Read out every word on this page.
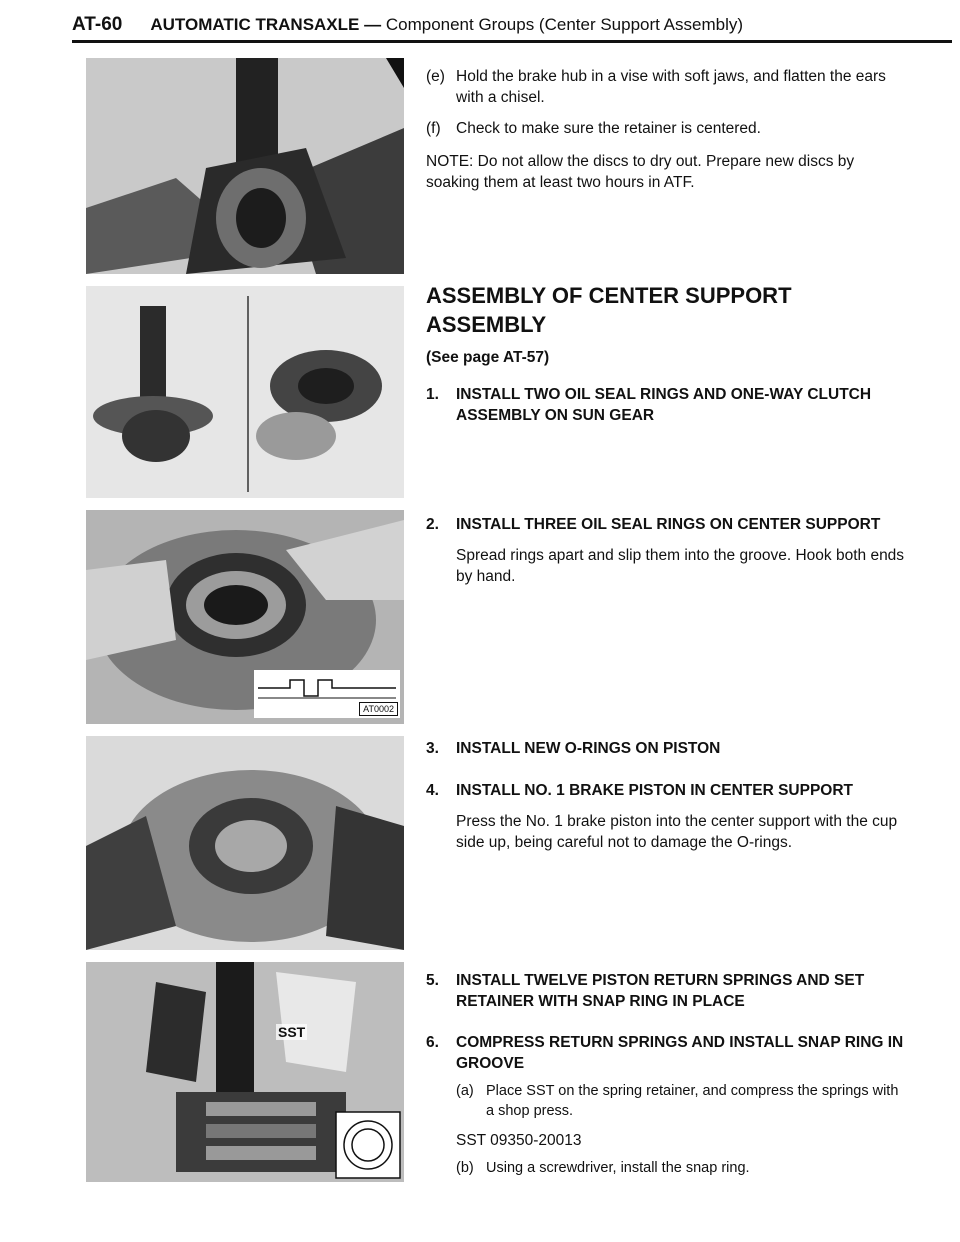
AT-60 AUTOMATIC TRANSAXLE — Component Groups (Center Support Assembly)
AT0002
SST
(e) Hold the brake hub in a vise with soft jaws, and flatten the ears with a chisel.
(f) Check to make sure the retainer is centered.

NOTE: Do not allow the discs to dry out. Prepare new discs by soaking them at least two hours in ATF.

ASSEMBLY OF CENTER SUPPORT ASSEMBLY
(See page AT-57)
1.	INSTALL TWO OIL SEAL RINGS AND ONE-WAY CLUTCH ASSEMBLY ON SUN GEAR
2.	INSTALL THREE OIL SEAL RINGS ON CENTER SUPPORT

Spread rings apart and slip them into the groove. Hook both ends by hand.

3.	INSTALL NEW O-RINGS ON PISTON
4.	INSTALL NO. 1 BRAKE PISTON IN CENTER SUPPORT

Press the No. 1 brake piston into the center support with the cup side up, being careful not to damage the O-rings.

5.	INSTALL TWELVE PISTON RETURN SPRINGS AND SET RETAINER WITH SNAP RING IN PLACE
6.	COMPRESS RETURN SPRINGS AND INSTALL SNAP RING IN GROOVE
(a) Place SST on the spring retainer, and compress the springs with a shop press.

SST 09350-20013

(b) Using a screwdriver, install the snap ring.
